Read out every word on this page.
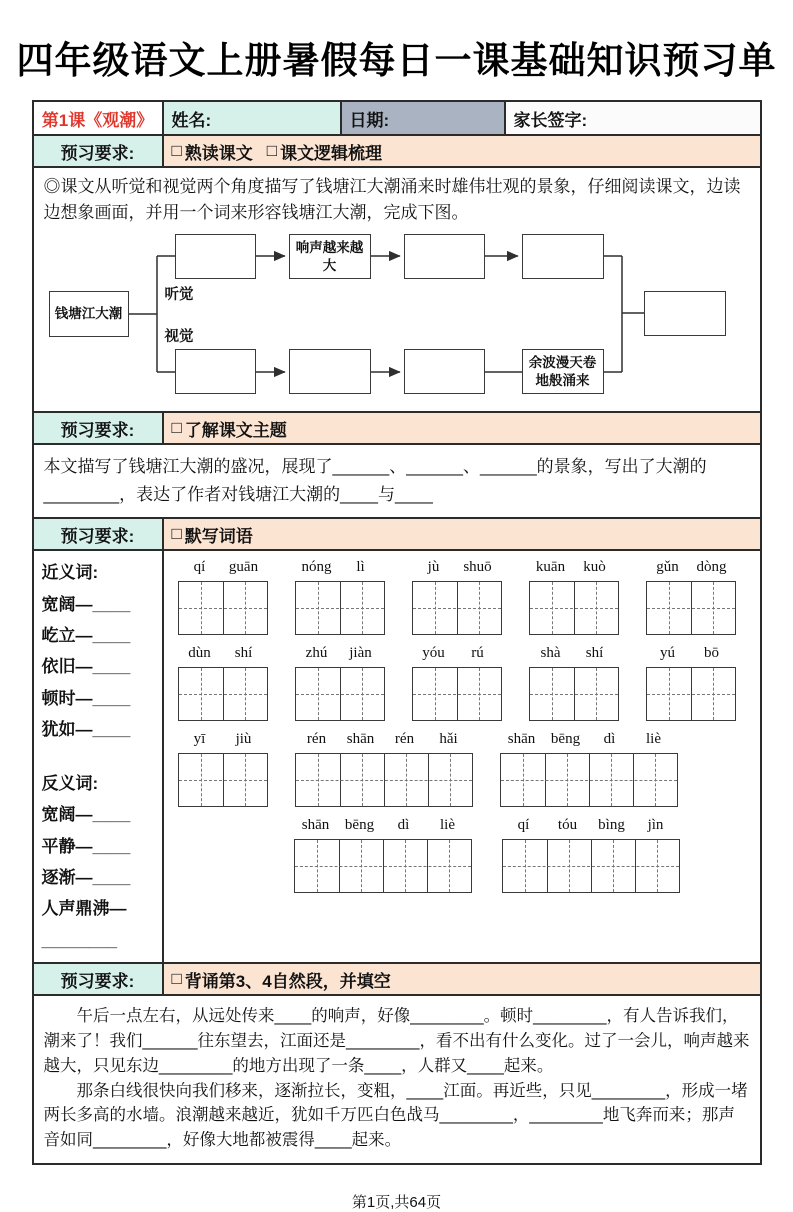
四年级语文上册暑假每日一课基础知识预习单
第1课《观潮》	姓名:	日期:	家长签字:
预习要求:	□ 熟读课文 □ 课文逻辑梳理
◎课文从听觉和视觉两个角度描写了钱塘江大潮涌来时雄伟壮观的景象，仔细阅读课文，边读边想象画面，并用一个词来形容钱塘江大潮，完成下图。
钱塘江大潮
听觉
视觉
响声越来越大
余波漫天卷地般涌来
预习要求:	□ 了解课文主题
本文描写了钱塘江大潮的盛况，展现了______、______、______的景象，写出了大潮的________，表达了作者对钱塘江大潮的____与____
预习要求:	□ 默写词语
近义词:
宽阔—____
屹立—____
依旧—____
顿时—____
犹如—____
反义词:
宽阔—____
平静—____
逐渐—____
人声鼎沸—________
qí	guān	nóng	lì	jù	shuō	kuān	kuò	gǔn	dòng
dùn	shí	zhú	jiàn	yóu	rú	shà	shí	yú	bō
yī	jiù	rén	shān	rén	hǎi	shān	bēng	dì	liè
shān	bēng	dì	liè	qí	tóu	bìng	jìn
预习要求:	□ 背诵第3、4自然段，并填空

午后一点左右，从远处传来____的响声，好像________。顿时________，有人告诉我们，潮来了！我们______往东望去，江面还是________，看不出有什么变化。过了一会儿，响声越来越大，只见东边________的地方出现了一条____，人群又____起来。

那条白线很快向我们移来，逐渐拉长，变粗，____江面。再近些，只见________，形成一堵两长多高的水墙。浪潮越来越近，犹如千万匹白色战马________，________地飞奔而来；那声音如同________，好像大地都被震得____起来。

第1页,共64页
